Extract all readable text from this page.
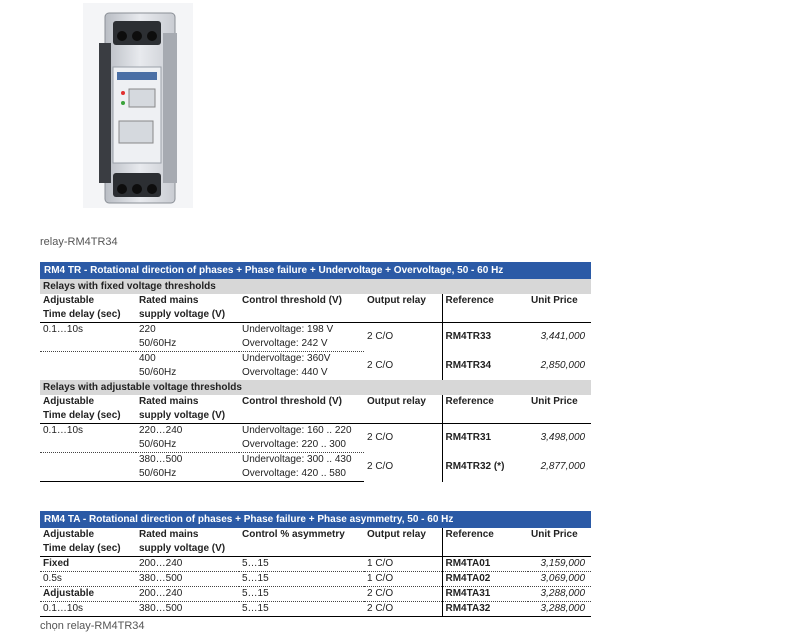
relay-RM4TR34
RM4 TR - Rotational direction of phases + Phase failure + Undervoltage + Overvoltage, 50 - 60 Hz					
Relays with fixed voltage thresholds					
Adjustable	Rated mains	Control threshold (V)	Output relay	Reference	Unit Price
Time delay (sec)	supply voltage (V)				
0.1…10s	220	Undervoltage: 198 V	2 C/O	RM4TR33	3,441,000
	50/60Hz	Overvoltage: 242 V			
	400	Undervoltage: 360V	2 C/O	RM4TR34	2,850,000
	50/60Hz	Overvoltage: 440 V			
Relays with adjustable voltage thresholds					
Adjustable	Rated mains	Control threshold (V)	Output relay	Reference	Unit Price
Time delay (sec)	supply voltage (V)				
0.1…10s	220…240	Undervoltage: 160 .. 220	2 C/O	RM4TR31	3,498,000
	50/60Hz	Overvoltage: 220 .. 300			
	380…500	Undervoltage: 300 .. 430	2 C/O	RM4TR32 (*)	2,877,000
	50/60Hz	Overvoltage: 420 .. 580			
RM4 TA - Rotational direction of phases + Phase failure + Phase asymmetry, 50 - 60 Hz					
Adjustable	Rated mains	Control % asymmetry	Output relay	Reference	Unit Price
Time delay (sec)	supply voltage (V)				
Fixed	200…240	5…15	1 C/O	RM4TA01	3,159,000
0.5s	380…500	5…15	1 C/O	RM4TA02	3,069,000
Adjustable	200…240	5…15	2 C/O	RM4TA31	3,288,000
0.1…10s	380…500	5…15	2 C/O	RM4TA32	3,288,000
chọn relay-RM4TR34
